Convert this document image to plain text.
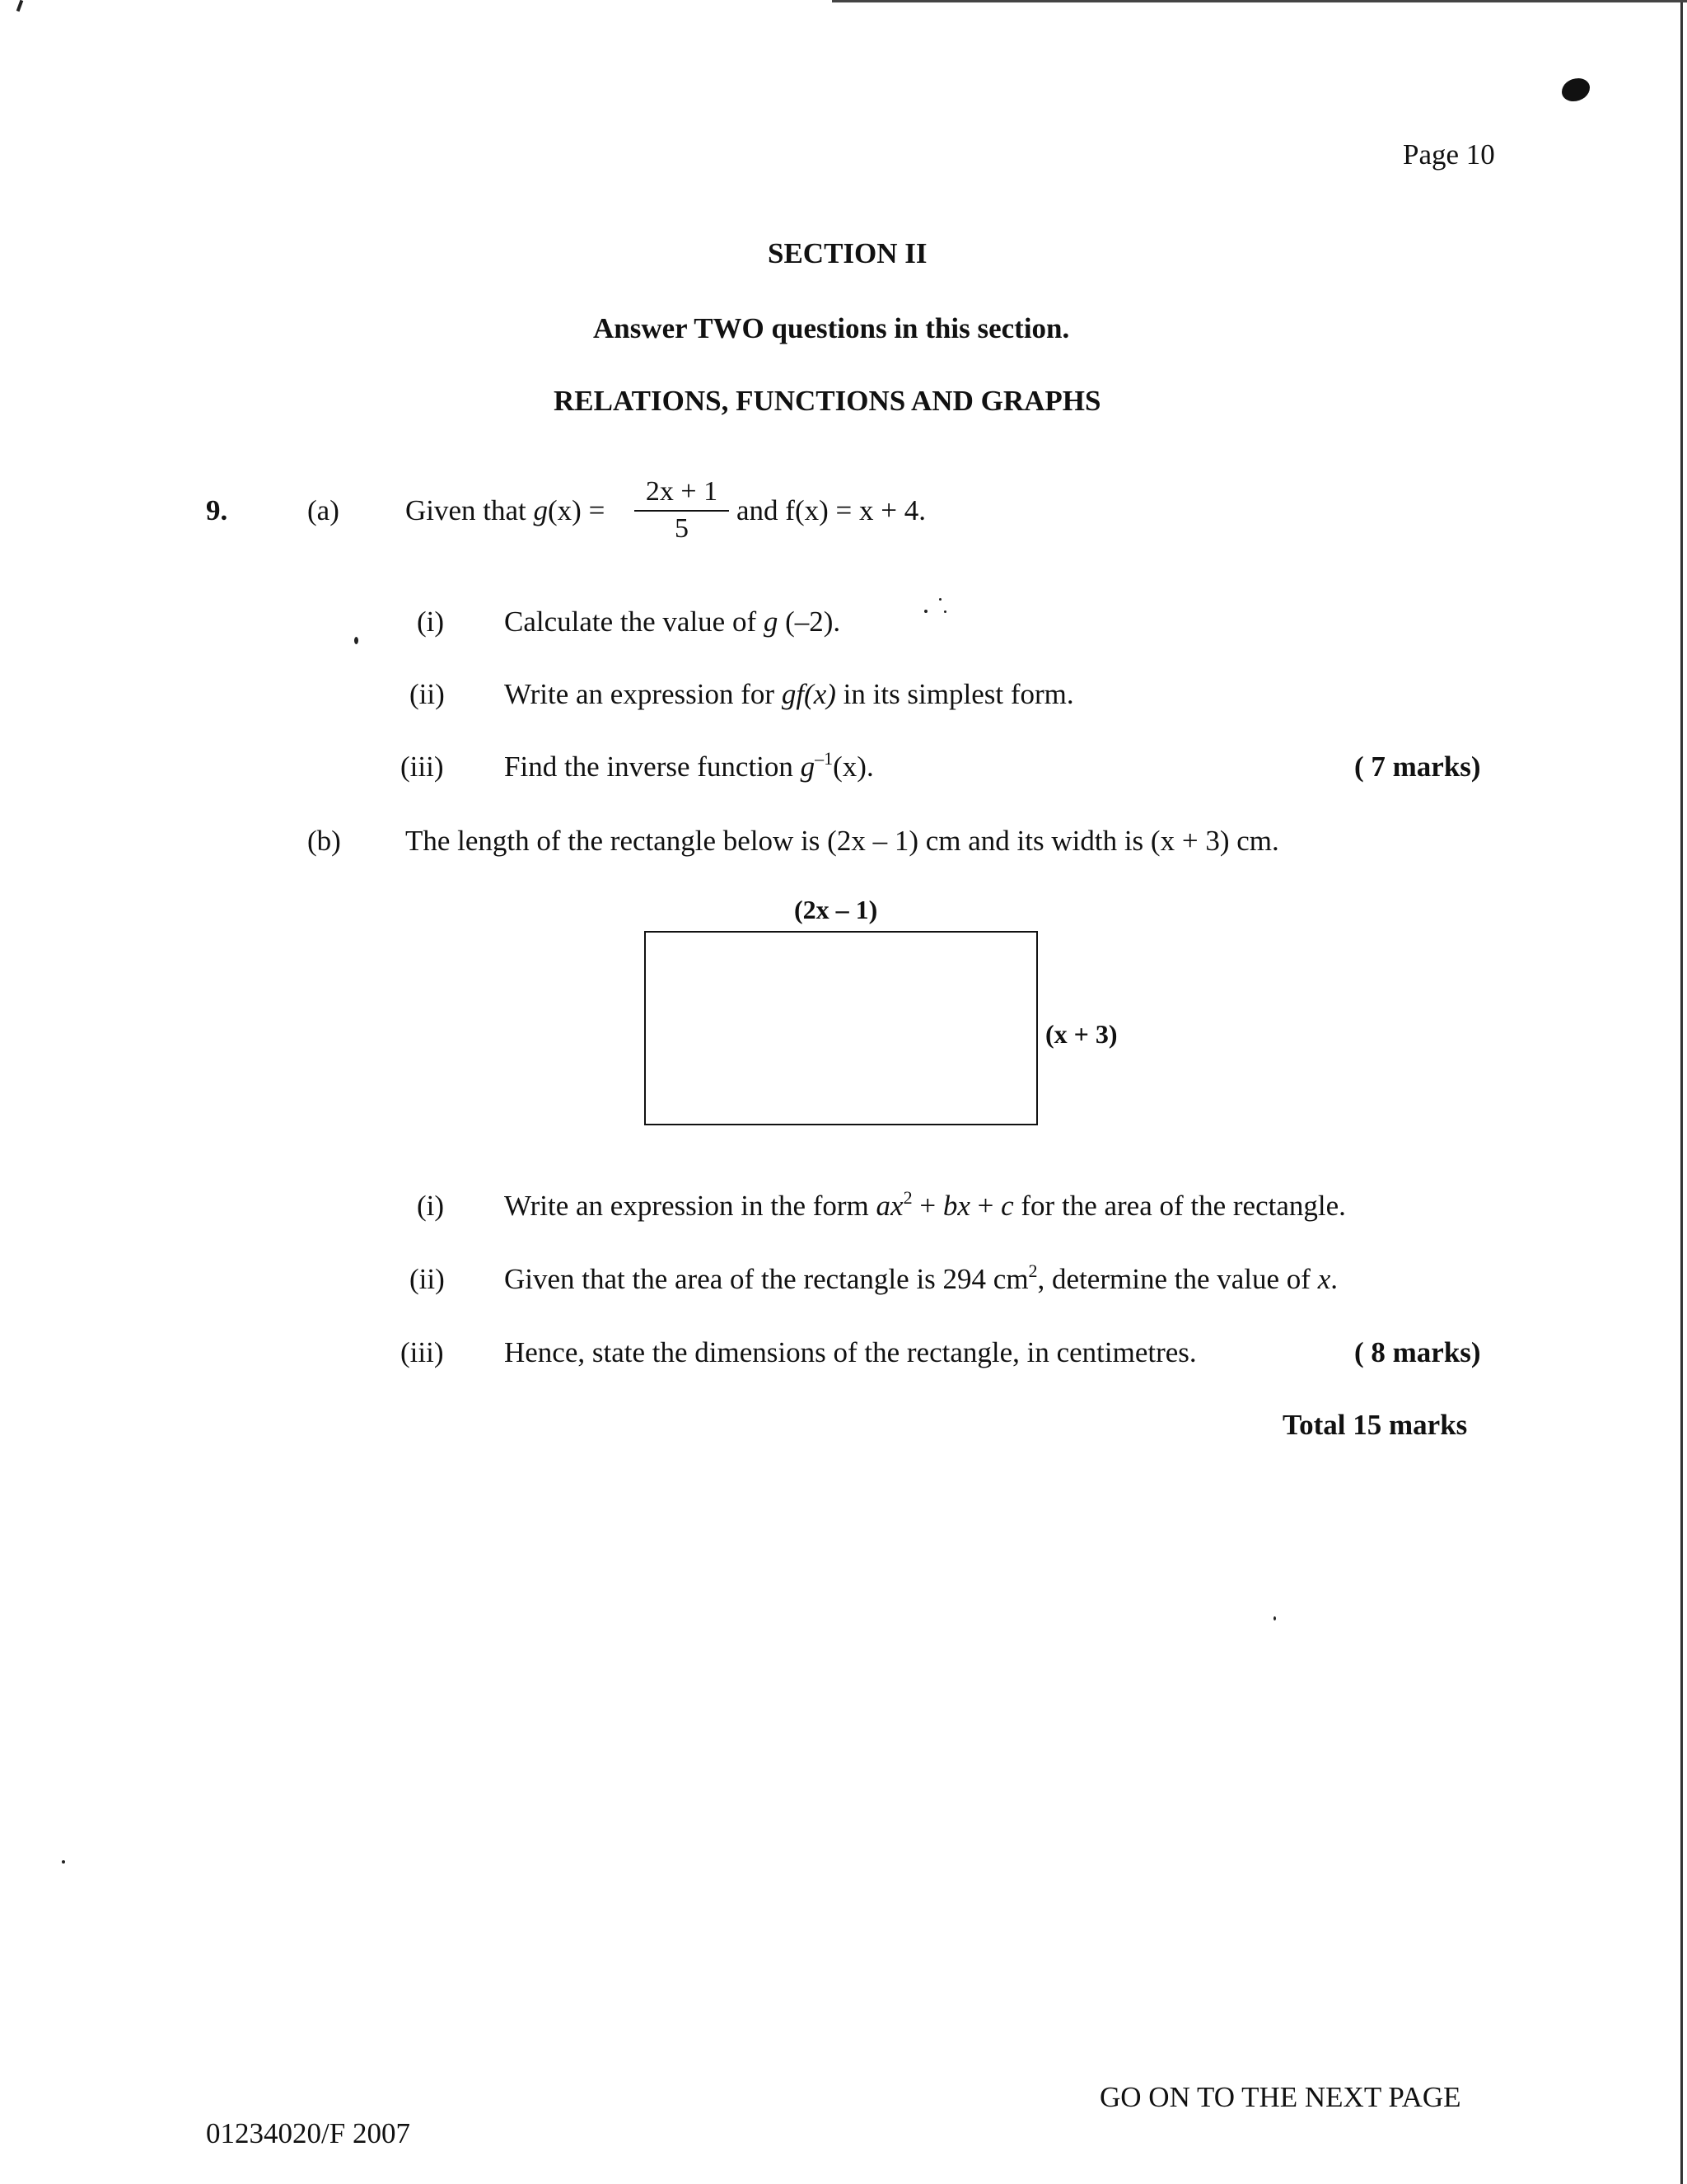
Page 10
SECTION II
Answer TWO questions in this section.
RELATIONS, FUNCTIONS AND GRAPHS
9.	(a) Given that g(x) =
2x + 1
5
and f(x) = x + 4.
(i) Calculate the value of g (–2).
(ii) Write an expression for gf(x) in its simplest form.
(iii) Find the inverse function $g^{-1}(x)$.	( 7 marks)
(b) The length of the rectangle below is (2x – 1) cm and its width is (x + 3) cm.
(2x – 1)
(x + 3)
(i) Write an expression in the form $ax^2$ + bx + c for the area of the rectangle.
(ii) Given that the area of the rectangle is 294 $cm^2$, determine the value of x.
(iii) Hence, state the dimensions of the rectangle, in centimetres.	( 8 marks)
Total 15 marks
GO ON TO THE NEXT PAGE
01234020/F 2007
